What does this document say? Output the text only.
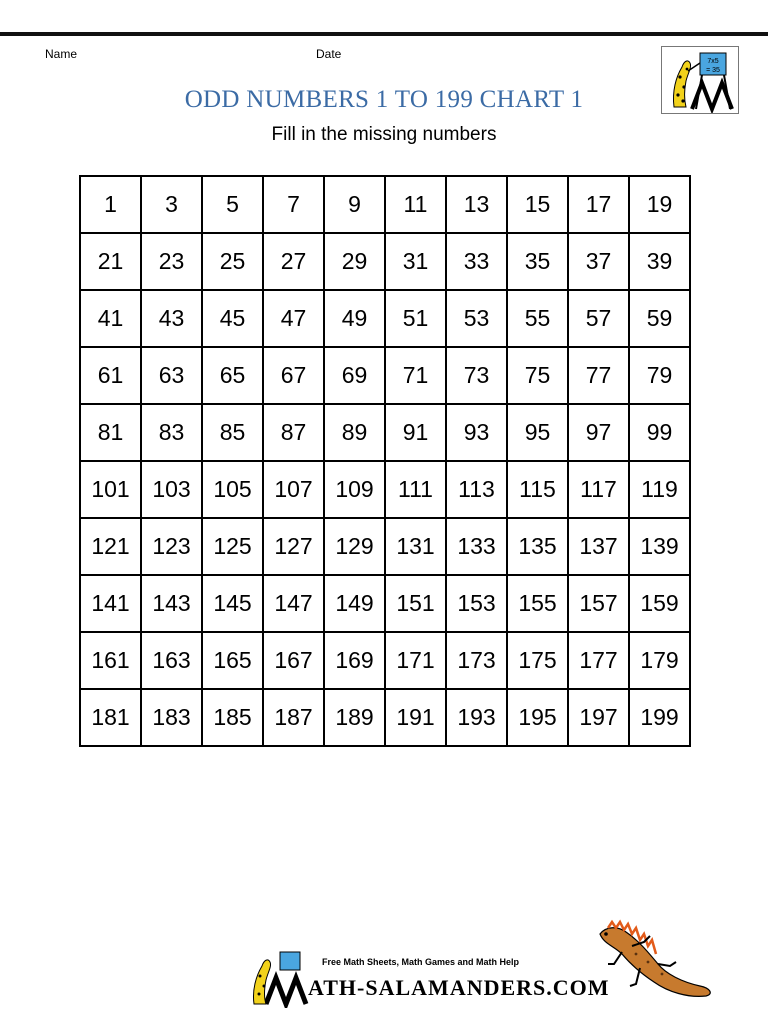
Name	Date
7x5
= 35
ODD NUMBERS 1 TO 199 CHART 1
Fill in the missing numbers
1	3	5	7	9	11	13	15	17	19
21	23	25	27	29	31	33	35	37	39
41	43	45	47	49	51	53	55	57	59
61	63	65	67	69	71	73	75	77	79
81	83	85	87	89	91	93	95	97	99
101	103	105	107	109	111	113	115	117	119
121	123	125	127	129	131	133	135	137	139
141	143	145	147	149	151	153	155	157	159
161	163	165	167	169	171	173	175	177	179
181	183	185	187	189	191	193	195	197	199
Free Math Sheets, Math Games and Math Help
ATH-SALAMANDERS.COM
